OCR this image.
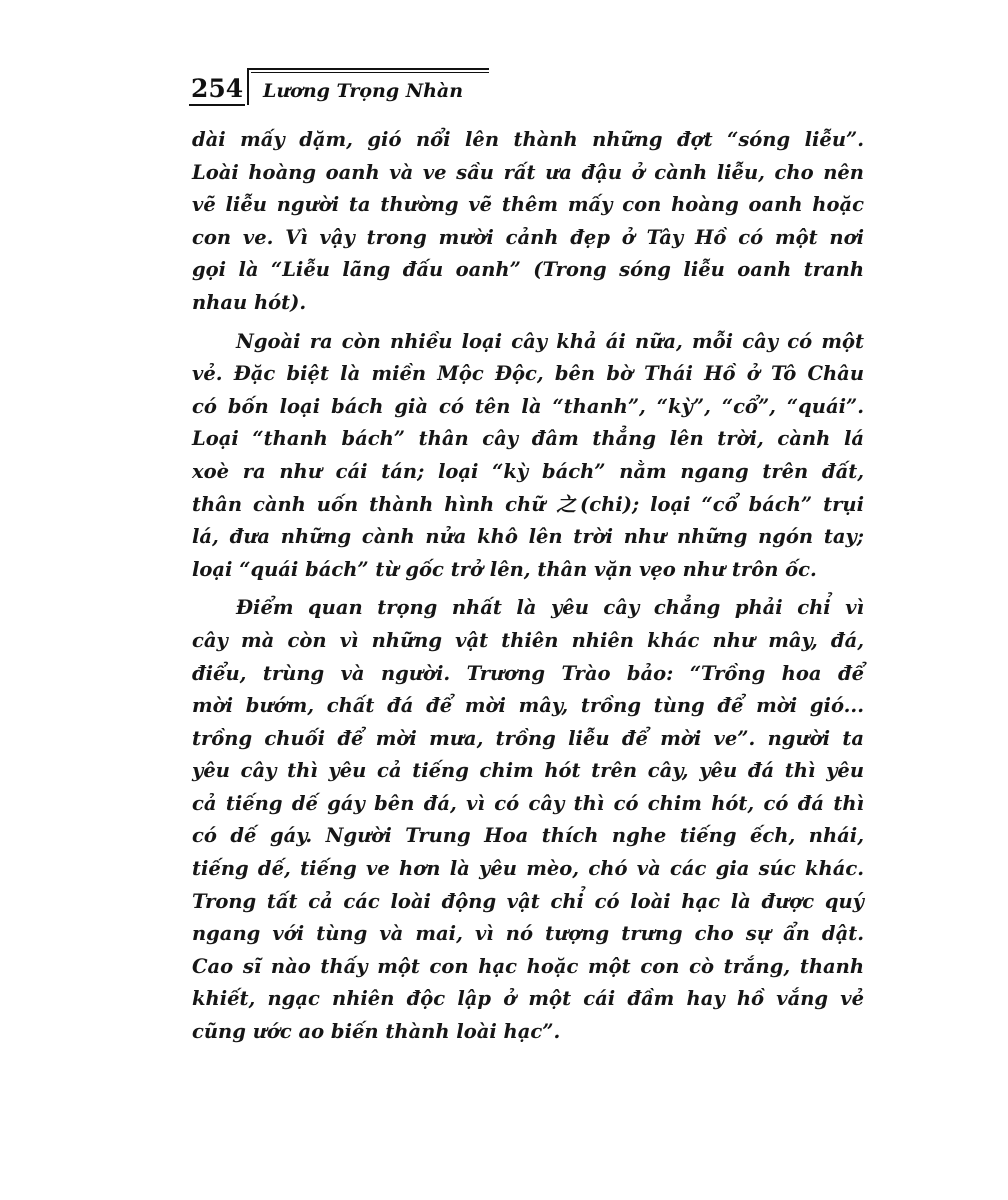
254 Lương Trọng Nhàn

dài mấy dặm, gió nổi lên thành những đợt “sóng liễu”.
Loài hoàng oanh và ve sầu rất ưa đậu ở cành liễu, cho nên
vẽ liễu người ta thường vẽ thêm mấy con hoàng oanh hoặc
con ve. Vì vậy trong mười cảnh đẹp ở Tây Hồ có một nơi
gọi là “Liễu lãng đấu oanh” (Trong sóng liễu oanh tranh
nhau hót).

Ngoài ra còn nhiều loại cây khả ái nữa, mỗi cây có một
vẻ. Đặc biệt là miền Mộc Độc, bên bờ Thái Hồ ở Tô Châu
có bốn loại bách già có tên là “thanh”, “kỳ”, “cổ”, “quái”.
Loại “thanh bách” thân cây đâm thẳng lên trời, cành lá
xoè ra như cái tán; loại “kỳ bách” nằm ngang trên đất,
thân cành uốn thành hình chữ 之(chi); loại “cổ bách” trụi
lá, đưa những cành nửa khô lên trời như những ngón tay;
loại “quái bách” từ gốc trở lên, thân vặn vẹo như trôn ốc.

Điểm quan trọng nhất là yêu cây chẳng phải chỉ vì
cây mà còn vì những vật thiên nhiên khác như mây, đá,
điểu, trùng và người. Trương Trào bảo: “Trồng hoa để
mời bướm, chất đá để mời mây, trồng tùng để mời gió...
trồng chuối để mời mưa, trồng liễu để mời ve”. người ta
yêu cây thì yêu cả tiếng chim hót trên cây, yêu đá thì yêu
cả tiếng dế gáy bên đá, vì có cây thì có chim hót, có đá thì
có dế gáy. Người Trung Hoa thích nghe tiếng ếch, nhái,
tiếng dế, tiếng ve hơn là yêu mèo, chó và các gia súc khác.
Trong tất cả các loài động vật chỉ có loài hạc là được quý
ngang với tùng và mai, vì nó tượng trưng cho sự ẩn dật.
Cao sĩ nào thấy một con hạc hoặc một con cò trắng, thanh
khiết, ngạc nhiên độc lập ở một cái đầm hay hồ vắng vẻ
cũng ước ao biến thành loài hạc”.
